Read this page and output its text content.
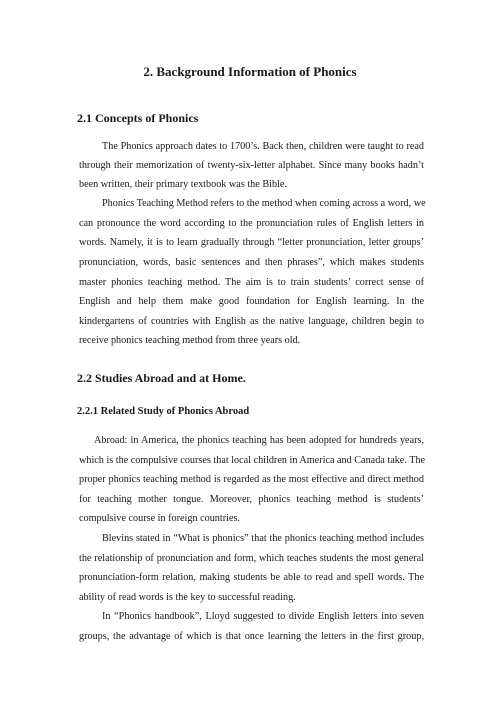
2. Background Information of Phonics
2.1 Concepts of Phonics

The Phonics approach dates to 1700’s. Back then, children were taught to read

through their memorization of twenty-six-letter alphabet. Since many books hadn’t

been written, their primary textbook was the Bible.

Phonics Teaching Method refers to the method when coming across a word, we

can pronounce the word according to the pronunciation rules of English letters in

words. Namely, it is to learn gradually through “letter pronunciation, letter groups’

pronunciation, words, basic sentences and then phrases”, which makes students

master phonics teaching method. The aim is to train students’ correct sense of

English and help them make good foundation for English learning. In the

kindergartens of countries with English as the native language, children begin to

receive phonics teaching method from three years old.

2.2 Studies Abroad and at Home.
2.2.1 Related Study of Phonics Abroad

Abroad: in America, the phonics teaching has been adopted for hundreds years,

which is the compulsive courses that local children in America and Canada take. The

proper phonics teaching method is regarded as the most effective and direct method

for teaching mother tongue. Moreover, phonics teaching method is students’

compulsive course in foreign countries.

Blevins stated in “What is phonics” that the phonics teaching method includes

the relationship of pronunciation and form, which teaches students the most general

pronunciation-form relation, making students be able to read and spell words. The

ability of read words is the key to successful reading.

In “Phonics handbook”, Lloyd suggested to divide English letters into seven

groups, the advantage of which is that once learning the letters in the first group,
